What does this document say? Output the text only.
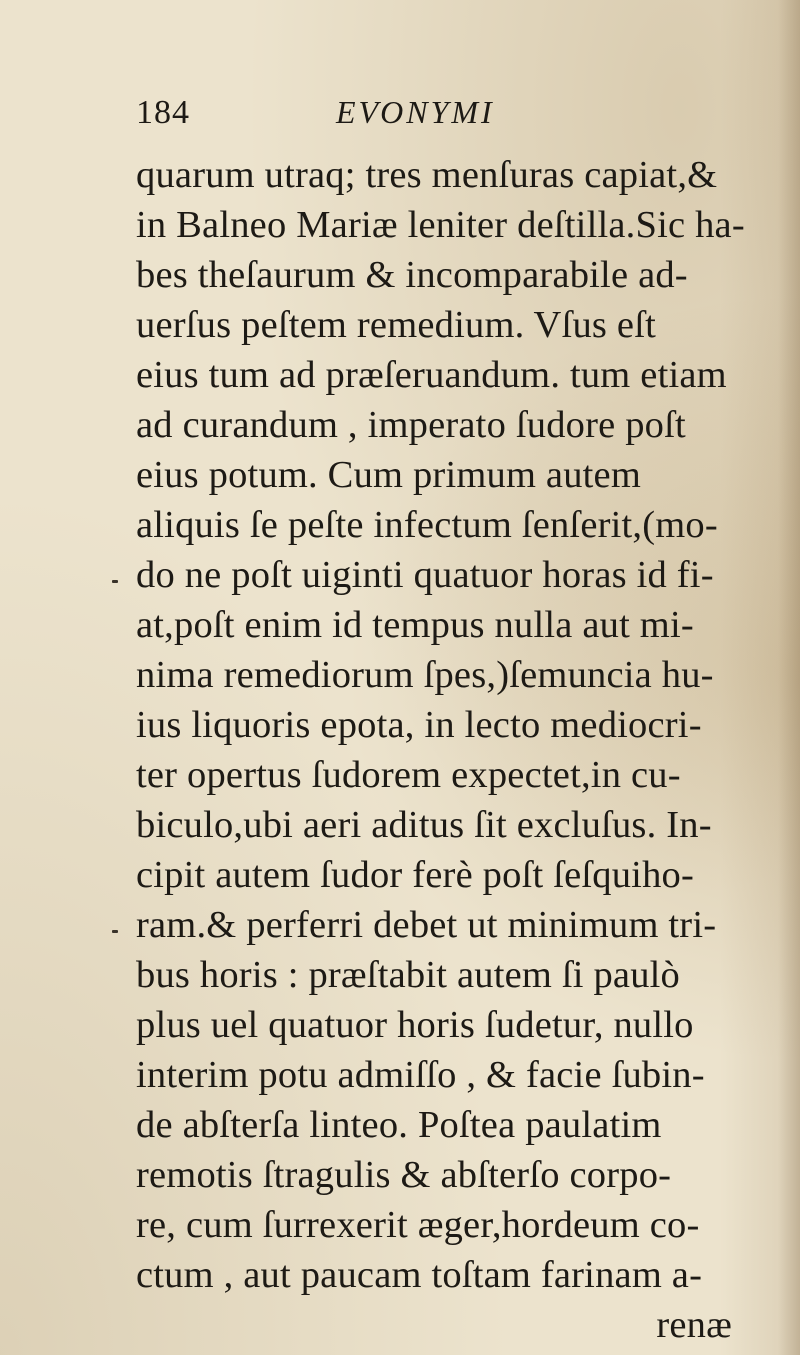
184	EVONYMI
quarum utraq; tres menſuras capiat,&
in Balneo Mariæ leniter deſtilla.Sic ha-
bes theſaurum & incomparabile ad-
uerſus peſtem remedium. Vſus eſt
eius tum ad præſeruandum. tum etiam
ad curandum , imperato ſudore poſt
eius potum. Cum primum autem
aliquis ſe peſte infectum ſenſerit,(mo-
do ne poſt uiginti quatuor horas id fi-
at,poſt enim id tempus nulla aut mi-
nima remediorum ſpes,)ſemuncia hu-
ius liquoris epota, in lecto mediocri-
ter opertus ſudorem expectet,in cu-
biculo,ubi aeri aditus ſit excluſus. In-
cipit autem ſudor ferè poſt ſeſquiho-
ram.& perferri debet ut minimum tri-
bus horis : præſtabit autem ſi paulò
plus uel quatuor horis ſudetur, nullo
interim potu admiſſo , & facie ſubin-
de abſterſa linteo. Poſtea paulatim
remotis ſtragulis & abſterſo corpo-
re, cum ſurrexerit æger,hordeum co-
ctum , aut paucam toſtam farinam a-
renæ
